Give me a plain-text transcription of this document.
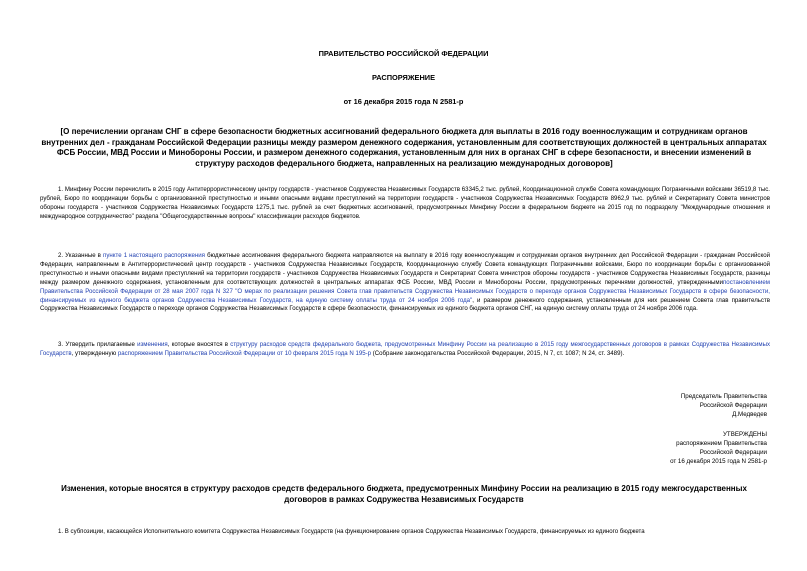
ПРАВИТЕЛЬСТВО РОССИЙСКОЙ ФЕДЕРАЦИИ
РАСПОРЯЖЕНИЕ
от 16 декабря 2015 года N 2581-р
[О перечислении органам СНГ в сфере безопасности бюджетных ассигнований федерального бюджета для выплаты в 2016 году военнослужащим и сотрудникам органов внутренних дел - гражданам Российской Федерации разницы между размером денежного содержания, установленным для соответствующих должностей в центральных аппаратах ФСБ России, МВД России и Минобороны России, и размером денежного содержания, установленным для них в органах СНГ в сфере безопасности, и внесении изменений в структуру расходов федерального бюджета, направленных на реализацию международных договоров]
1. Минфину России перечислить в 2015 году Антитеррористическому центру государств - участников Содружества Независимых Государств 63345,2 тыс. рублей, Координационной службе Совета командующих Пограничными войсками 36519,8 тыс. рублей, Бюро по координации борьбы с организованной преступностью и иными опасными видами преступлений на территории государств - участников Содружества Независимых Государств 8962,9 тыс. рублей и Секретариату Совета министров обороны государств - участников Содружества Независимых Государств 1275,1 тыс. рублей за счет бюджетных ассигнований, предусмотренных Минфину России в федеральном бюджете на 2015 год по подразделу "Международные отношения и международное сотрудничество" раздела "Общегосударственные вопросы" классификации расходов бюджетов.
2. Указанные в пункте 1 настоящего распоряжения бюджетные ассигнования федерального бюджета направляются на выплату в 2016 году военнослужащим и сотрудникам органов внутренних дел Российской Федерации - гражданам Российской Федерации, направленным в Антитеррористический центр государств - участников Содружества Независимых Государств, Координационную службу Совета командующих Пограничными войсками, Бюро по координации борьбы с организованной преступностью и иными опасными видами преступлений на территории государств - участников Содружества Независимых Государств и Секретариат Совета министров обороны государств - участников Содружества Независимых Государств, разницы между размером денежного содержания, установленным для соответствующих должностей в центральных аппаратах ФСБ России, МВД России и Минобороны России, предусмотренных перечнями должностей, утвержденнымипостановлением Правительства Российской Федерации от 28 мая 2007 года N 327 "О мерах по реализации решения Совета глав правительств Содружества Независимых Государств о переходе органов Содружества Независимых Государств в сфере безопасности, финансируемых из единого бюджета органов Содружества Независимых Государств, на единую систему оплаты труда от 24 ноября 2006 года", и размером денежного содержания, установленным для них решением Совета глав правительств Содружества Независимых Государств о переходе органов Содружества Независимых Государств в сфере безопасности, финансируемых из единого бюджета органов СНГ, на единую систему оплаты труда от 24 ноября 2006 года.
3. Утвердить прилагаемые изменения, которые вносятся в структуру расходов средств федерального бюджета, предусмотренных Минфину России на реализацию в 2015 году межгосударственных договоров в рамках Содружества Независимых Государств, утвержденную распоряжением Правительства Российской Федерации от 10 февраля 2015 года N 195-р (Собрание законодательства Российской Федерации, 2015, N 7, ст. 1087; N 24, ст. 3489).
Председатель Правительства
Российской Федерации
Д.Медведев
УТВЕРЖДЕНЫ
распоряжением Правительства
Российской Федерации
от 16 декабря 2015 года N 2581-р
Изменения, которые вносятся в структуру расходов средств федерального бюджета, предусмотренных Минфину России на реализацию в 2015 году межгосударственных договоров в рамках Содружества Независимых Государств
1. В субпозиции, касающейся Исполнительного комитета Содружества Независимых Государств (на функционирование органов Содружества Независимых Государств, финансируемых из единого бюджета
